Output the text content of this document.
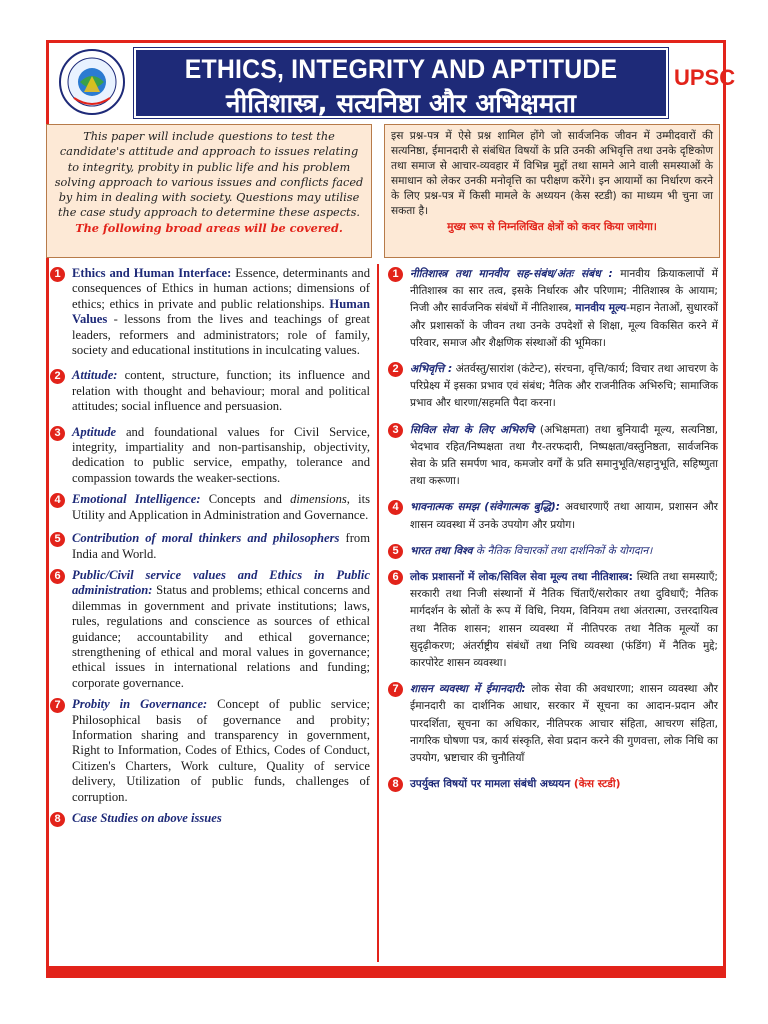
ETHICS, INTEGRITY AND APTITUDE
नीतिशास्त्र, सत्यनिष्ठा और अभिक्षमता
UPSC

This paper will include questions to test the candidate's attitude and approach to issues relating to integrity, probity in public life and his problem solving approach to various issues and conflicts faced by him in dealing with society. Questions may utilise the case study approach to determine these aspects.

The following broad areas will be covered.

इस प्रश्न-पत्र में ऐसे प्रश्न शामिल होंगे जो सार्वजनिक जीवन में उम्मीदवारों की सत्यनिष्ठा, ईमानदारी से संबंधित विषयों के प्रति उनकी अभिवृत्ति तथा उनके दृष्टिकोण तथा समाज से आचार-व्यवहार में विभिन्न मुद्दों तथा सामने आने वाली समस्याओं के समाधान को लेकर उनकी मनोवृत्ति का परीक्षण करेंगे। इन आयामों का निर्धारण करने के लिए प्रश्न-पत्र में किसी मामले के अध्ययन (केस स्टडी) का माध्यम भी चुना जा सकता है।

मुख्य रूप से निम्नलिखित क्षेत्रों को कवर किया जायेगा।
1 Ethics and Human Interface: Essence, determinants and consequences of Ethics in human actions; dimensions of ethics; ethics in private and public relationships. Human Values - lessons from the lives and teachings of great leaders, reformers and administrators; role of family, society and educational institutions in inculcating values.

2 Attitude: content, structure, function; its influence and relation with thought and behaviour; moral and political attitudes; social influence and persuasion.

3 Aptitude and foundational values for Civil Service, integrity, impartiality and non-partisanship, objectivity, dedication to public service, empathy, tolerance and compassion towards the weaker-sections.

4 Emotional Intelligence: Concepts and dimensions, its Utility and Application in Administration and Governance.

5 Contribution of moral thinkers and philosophers from India and World.

6 Public/Civil service values and Ethics in Public administration: Status and problems; ethical concerns and dilemmas in government and private institutions; laws, rules, regulations and conscience as sources of ethical guidance; accountability and ethical governance; strengthening of ethical and moral values in governance; ethical issues in international relations and funding; corporate governance.

7 Probity in Governance: Concept of public service; Philosophical basis of governance and probity; Information sharing and transparency in government, Right to Information, Codes of Ethics, Codes of Conduct, Citizen's Charters, Work culture, Quality of service delivery, Utilization of public funds, challenges of corruption.

8 Case Studies on above issues

1	नीतिशास्त्र तथा मानवीय सह-संबंध/अंतः संबंध : मानवीय क्रियाकलापों में नीतिशास्त्र का सार तत्व, इसके निर्धारक और परिणाम; नीतिशास्त्र के आयाम; निजी और सार्वजनिक संबंधों में नीतिशास्त्र, मानवीय मूल्य-महान नेताओं, सुधारकों और प्रशासकों के जीवन तथा उनके उपदेशों से शिक्षा, मूल्य विकसित करने में परिवार, समाज और शैक्षणिक संस्थाओं की भूमिका।

2	अभिवृत्ति : अंतर्वस्तु/सारांश (कंटेन्ट), संरचना, वृत्ति/कार्य; विचार तथा आचरण के परिप्रेक्ष्य में इसका प्रभाव एवं संबंध; नैतिक और राजनीतिक अभिरुचि; सामाजिक प्रभाव और धारणा/सहमति पैदा करना।

3	सिविल सेवा के लिए अभिरुचि (अभिक्षमता) तथा बुनियादी मूल्य, सत्यनिष्ठा, भेदभाव रहित/निष्पक्षता तथा गैर-तरफदारी, निष्पक्षता/वस्तुनिष्ठता, सार्वजनिक सेवा के प्रति समर्पण भाव, कमजोर वर्गों के प्रति समानुभूति/सहानुभूति, सहिष्णुता तथा करूणा।

4	भावनात्मक समझ (संवेगात्मक बुद्धि): अवधारणाएँ तथा आयाम, प्रशासन और शासन व्यवस्था में उनके उपयोग और प्रयोग।

5	भारत तथा विश्व के नैतिक विचारकों तथा दार्शनिकों के योगदान।

6	लोक प्रशासनों में लोक/सिविल सेवा मूल्य तथा नीतिशास्त्र: स्थिति तथा समस्याएँ; सरकारी तथा निजी संस्थानों में नैतिक चिंताएँ/सरोकार तथा दुविधाएँ; नैतिक मार्गदर्शन के स्रोतों के रूप में विधि, नियम, विनियम तथा अंतरात्मा, उत्तरदायित्व तथा नैतिक शासन; शासन व्यवस्था में नीतिपरक तथा नैतिक मूल्यों का सुदृढ़ीकरण; अंतर्राष्ट्रीय संबंधों तथा निधि व्यवस्था (फंडिंग) में नैतिक मुद्दे; कारपोरेट शासन व्यवस्था।

7	शासन व्यवस्था में ईमानदारी: लोक सेवा की अवधारणा; शासन व्यवस्था और ईमानदारी का दार्शनिक आधार, सरकार में सूचना का आदान-प्रदान और पारदर्शिता, सूचना का अधिकार, नीतिपरक आचार संहिता, आचरण संहिता, नागरिक घोषणा पत्र, कार्य संस्कृति, सेवा प्रदान करने की गुणवत्ता, लोक निधि का उपयोग, भ्रष्टाचार की चुनौतियाँ

8	उपर्युक्त विषयों पर मामला संबंधी अध्ययन (केस स्टडी)
